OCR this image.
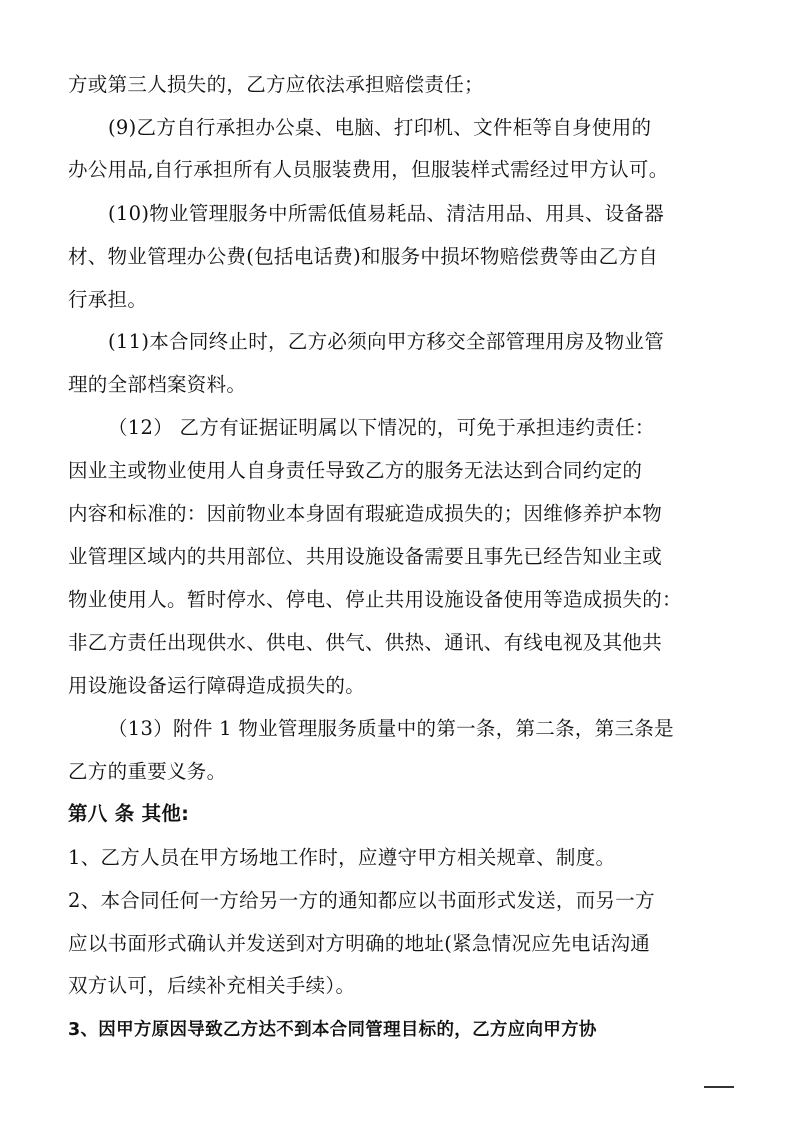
方或第三人损失的，乙方应依法承担赔偿责任；
(9)乙方自行承担办公桌、电脑、打印机、文件柜等自身使用的
办公用品,自行承担所有人员服装费用，但服装样式需经过甲方认可。
(10)物业管理服务中所需低值易耗品、清洁用品、用具、设备器
材、物业管理办公费(包括电话费)和服务中损坏物赔偿费等由乙方自
行承担。
(11)本合同终止时，乙方必须向甲方移交全部管理用房及物业管
理的全部档案资料。
（12） 乙方有证据证明属以下情况的，可免于承担违约责任：
因业主或物业使用人自身责任导致乙方的服务无法达到合同约定的
内容和标准的：因前物业本身固有瑕疵造成损失的；因维修养护本物
业管理区域内的共用部位、共用设施设备需要且事先已经告知业主或
物业使用人。暂时停水、停电、停止共用设施设备使用等造成损失的：
非乙方责任出现供水、供电、供气、供热、通讯、有线电视及其他共
用设施设备运行障碍造成损失的。
（13）附件 1 物业管理服务质量中的第一条，第二条，第三条是
乙方的重要义务。
第八 条 其他:
1、乙方人员在甲方场地工作时，应遵守甲方相关规章、制度。
2、本合同任何一方给另一方的通知都应以书面形式发送，而另一方
应以书面形式确认并发送到对方明确的地址(紧急情况应先电话沟通
双方认可，后续补充相关手续）。
3、因甲方原因导致乙方达不到本合同管理目标的，乙方应向甲方协
